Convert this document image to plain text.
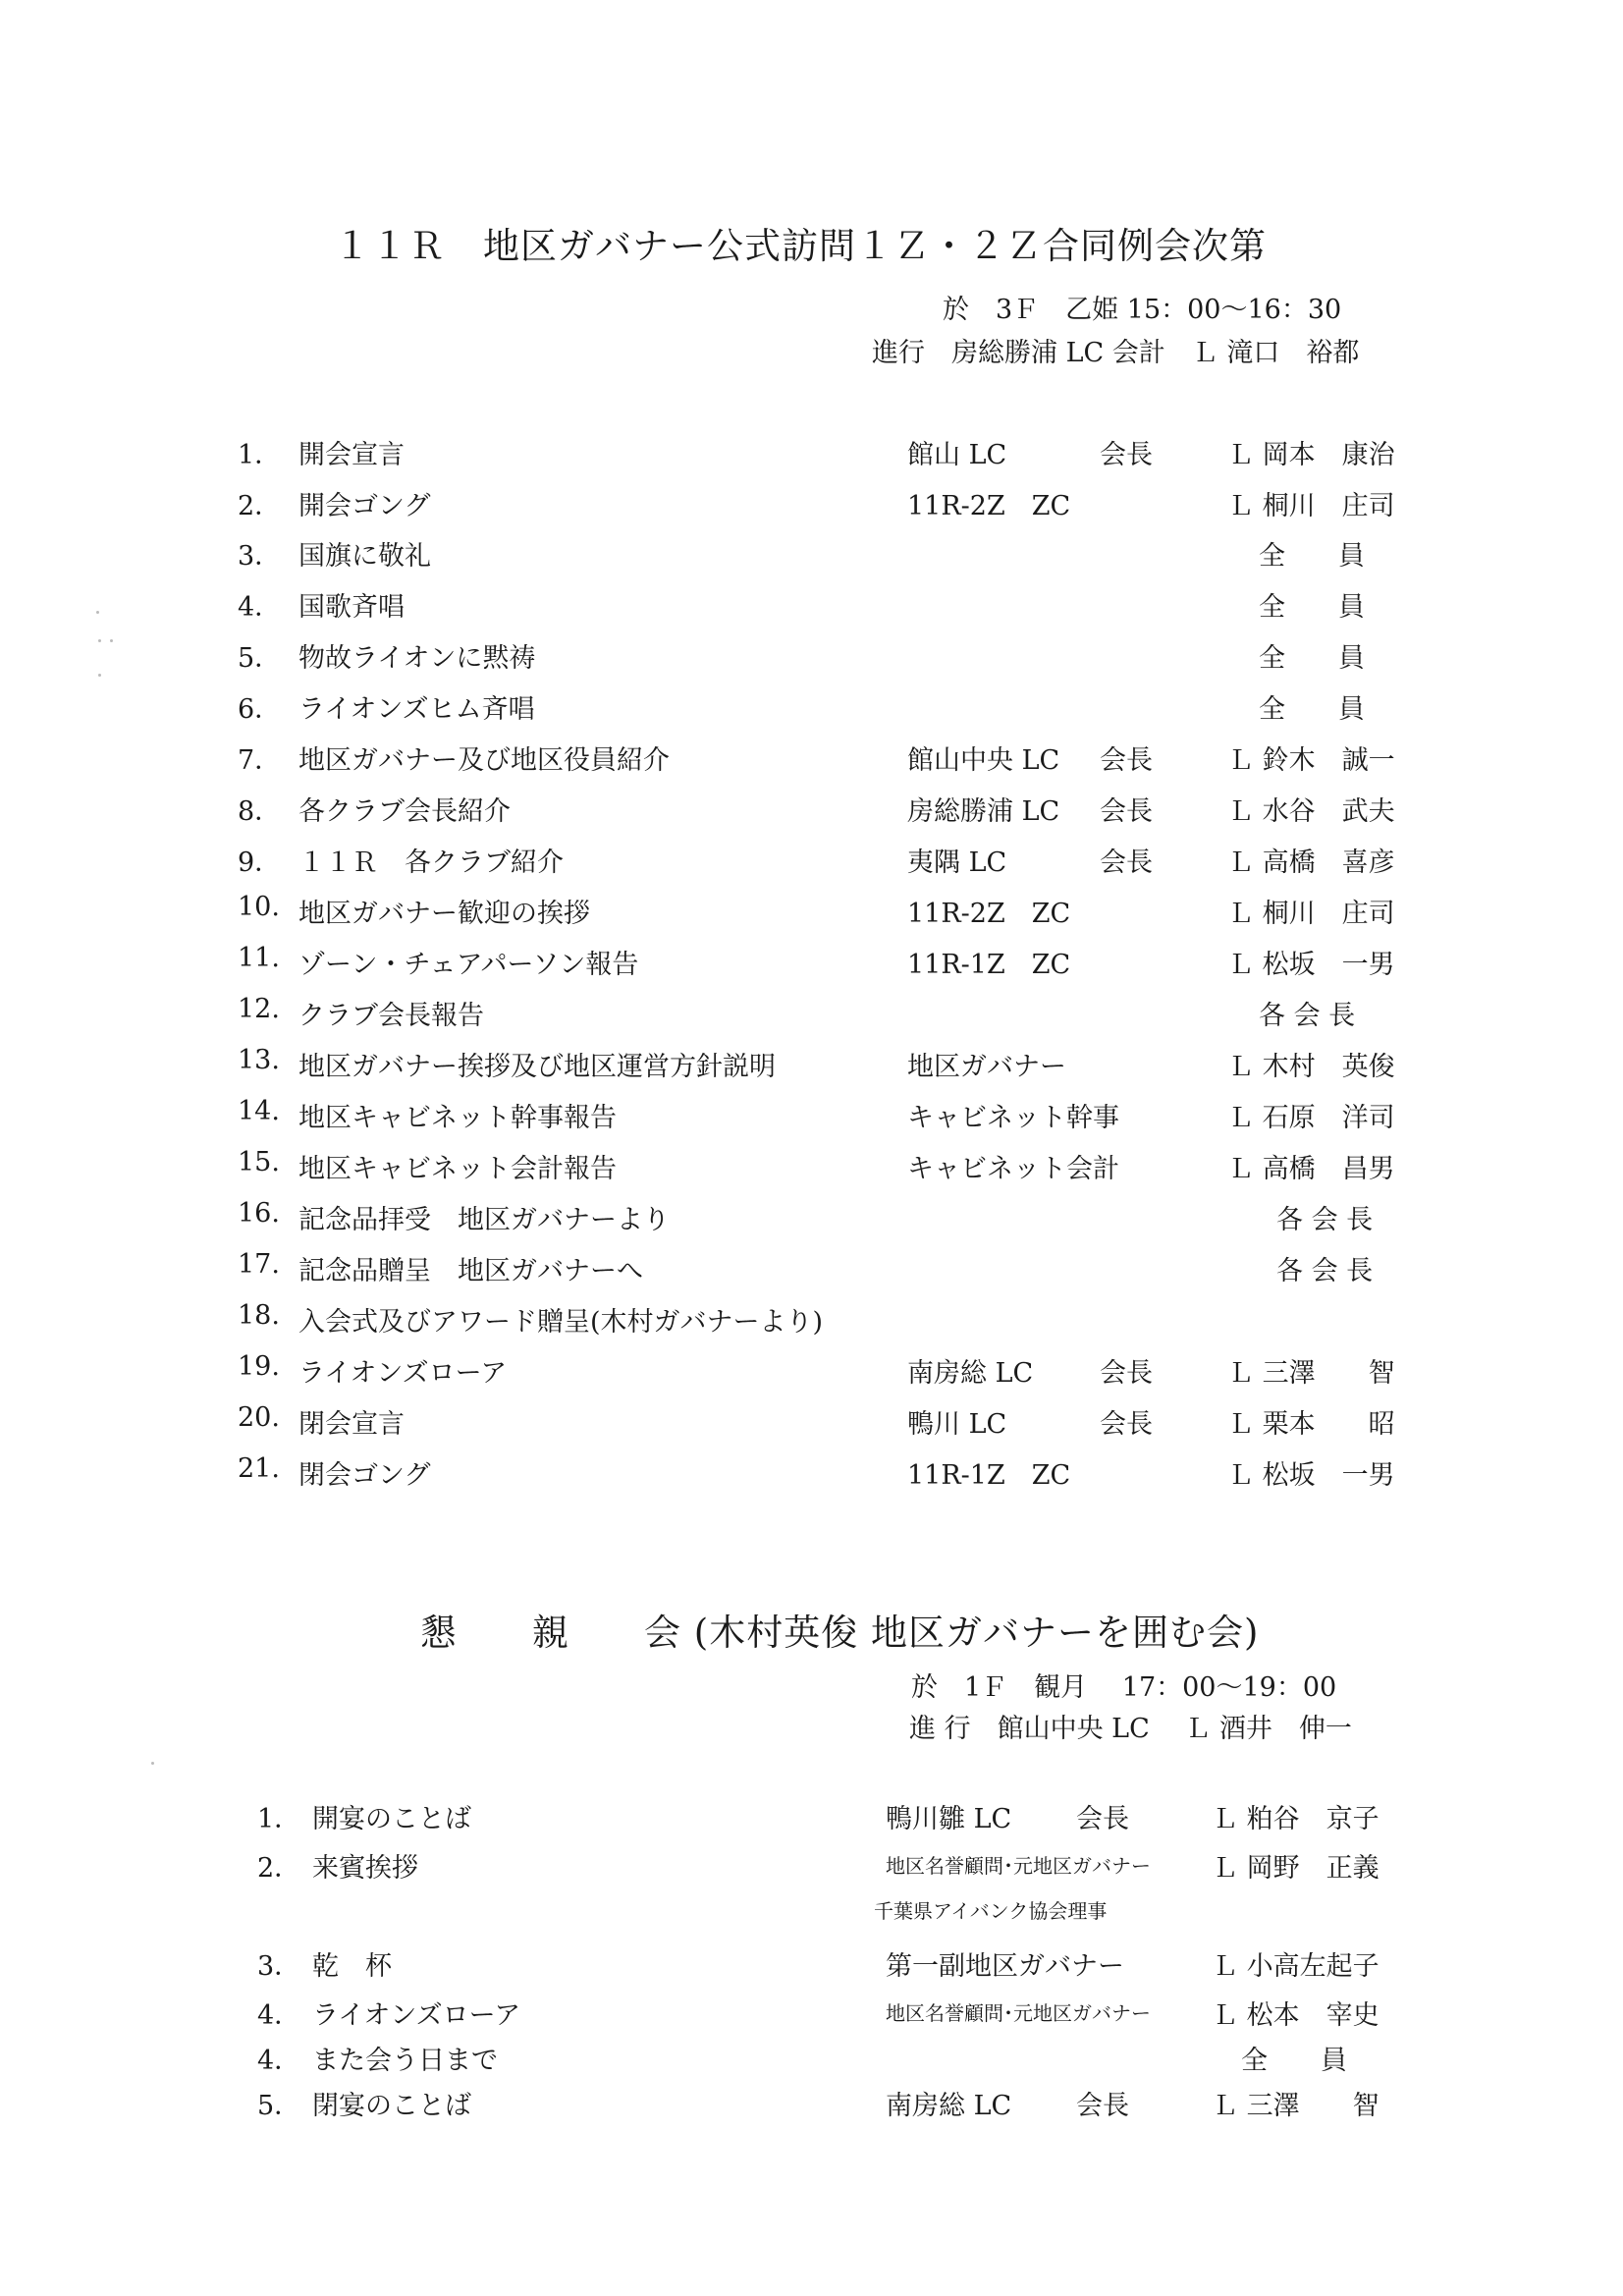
１１Ｒ　地区ガバナー公式訪問１Ｚ・２Ｚ合同例会次第
於　3Ｆ　乙姫 15：00～16：30
進行　房総勝浦 LC 会計　Ｌ 滝口　裕都
1． 開会宣言	館山 LC	会長	Ｌ 岡本　康治
2． 開会ゴング	11R-2Z　ZC	Ｌ 桐川　庄司
3． 国旗に敬礼	全　　員
4． 国歌斉唱	全　　員
5． 物故ライオンに黙祷	全　　員
6． ライオンズヒム斉唱	全　　員
7． 地区ガバナー及び地区役員紹介	館山中央 LC 会長	Ｌ 鈴木　誠一
8． 各クラブ会長紹介	房総勝浦 LC 会長	Ｌ 水谷　武夫
9． １１Ｒ　各クラブ紹介	夷隅 LC	会長	Ｌ 高橋　喜彦
10. 地区ガバナー歓迎の挨拶	11R-2Z　ZC	Ｌ 桐川　庄司
11. ゾーン・チェアパーソン報告	11R-1Z　ZC	Ｌ 松坂　一男
12. クラブ会長報告	各 会 長
13. 地区ガバナー挨拶及び地区運営方針説明	地区ガバナー	Ｌ 木村　英俊
14. 地区キャビネット幹事報告	キャビネット幹事	Ｌ 石原　洋司
15. 地区キャビネット会計報告	キャビネット会計	Ｌ 高橋　昌男
16. 記念品拝受　地区ガバナーより	各 会 長
17. 記念品贈呈　地区ガバナーへ	各 会 長
18. 入会式及びアワード贈呈(木村ガバナーより)
19. ライオンズローア	南房総 LC	会長	Ｌ 三澤　　智
20. 閉会宣言	鴨川 LC	会長	Ｌ 栗本　　昭
21. 閉会ゴング	11R-1Z　ZC	Ｌ 松坂　一男
懇　　親　　会 (木村英俊 地区ガバナーを囲む会)
於　1Ｆ　観月　 17：00～19：00
進 行　館山中央 LC　 Ｌ 酒井　伸一
1． 開宴のことば	鴨川雛 LC 会長	Ｌ 粕谷　京子
2． 来賓挨拶	地区名誉顧問･元地区ガバナー Ｌ 岡野　正義
千葉県アイバンク協会理事
3． 乾　杯	第一副地区ガバナー	Ｌ 小高左起子
4． ライオンズローア	地区名誉顧問･元地区ガバナー Ｌ 松本　宰史
4． また会う日まで	全　　員
5． 閉宴のことば	南房総 LC 会長	Ｌ 三澤　　智
